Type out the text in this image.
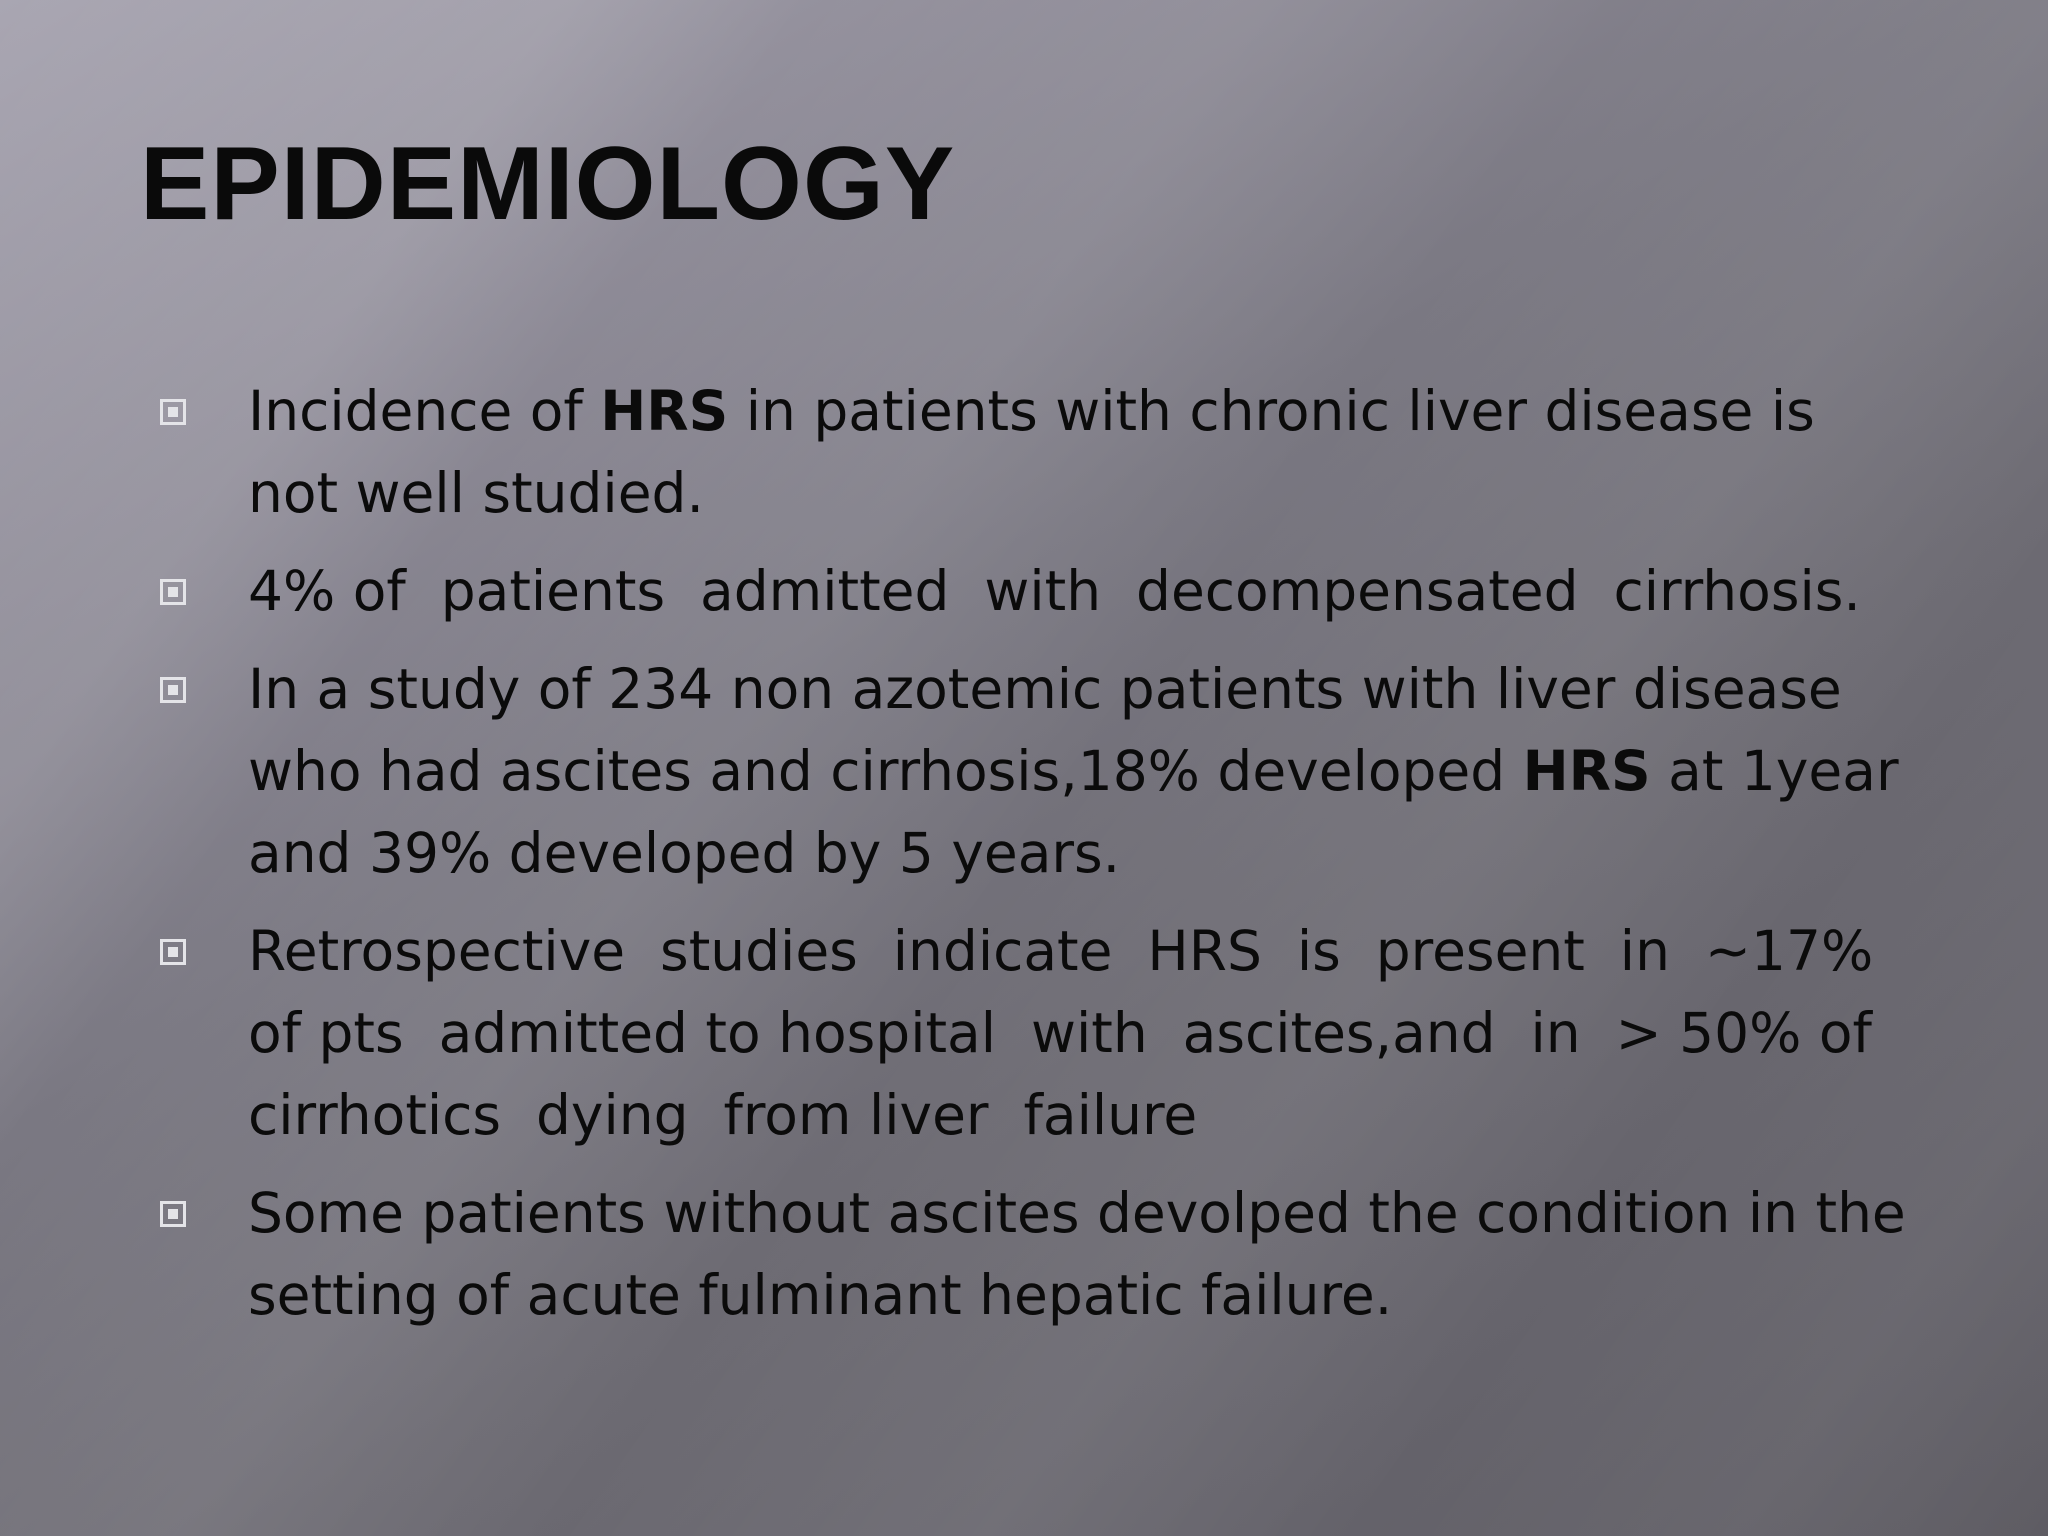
EPIDEMIOLOGY
Incidence of HRS in patients with chronic liver disease is not well studied.
4% of  patients  admitted  with  decompensated  cirrhosis.
In a study of 234 non azotemic patients with liver disease who had ascites and cirrhosis,18% developed HRS at 1year and 39% developed by 5 years.
Retrospective  studies  indicate  HRS  is  present  in  ~17% of pts  admitted to hospital  with  ascites,and  in  > 50% of cirrhotics  dying  from liver  failure
Some patients without ascites devolped the condition in the setting of acute fulminant hepatic failure.
